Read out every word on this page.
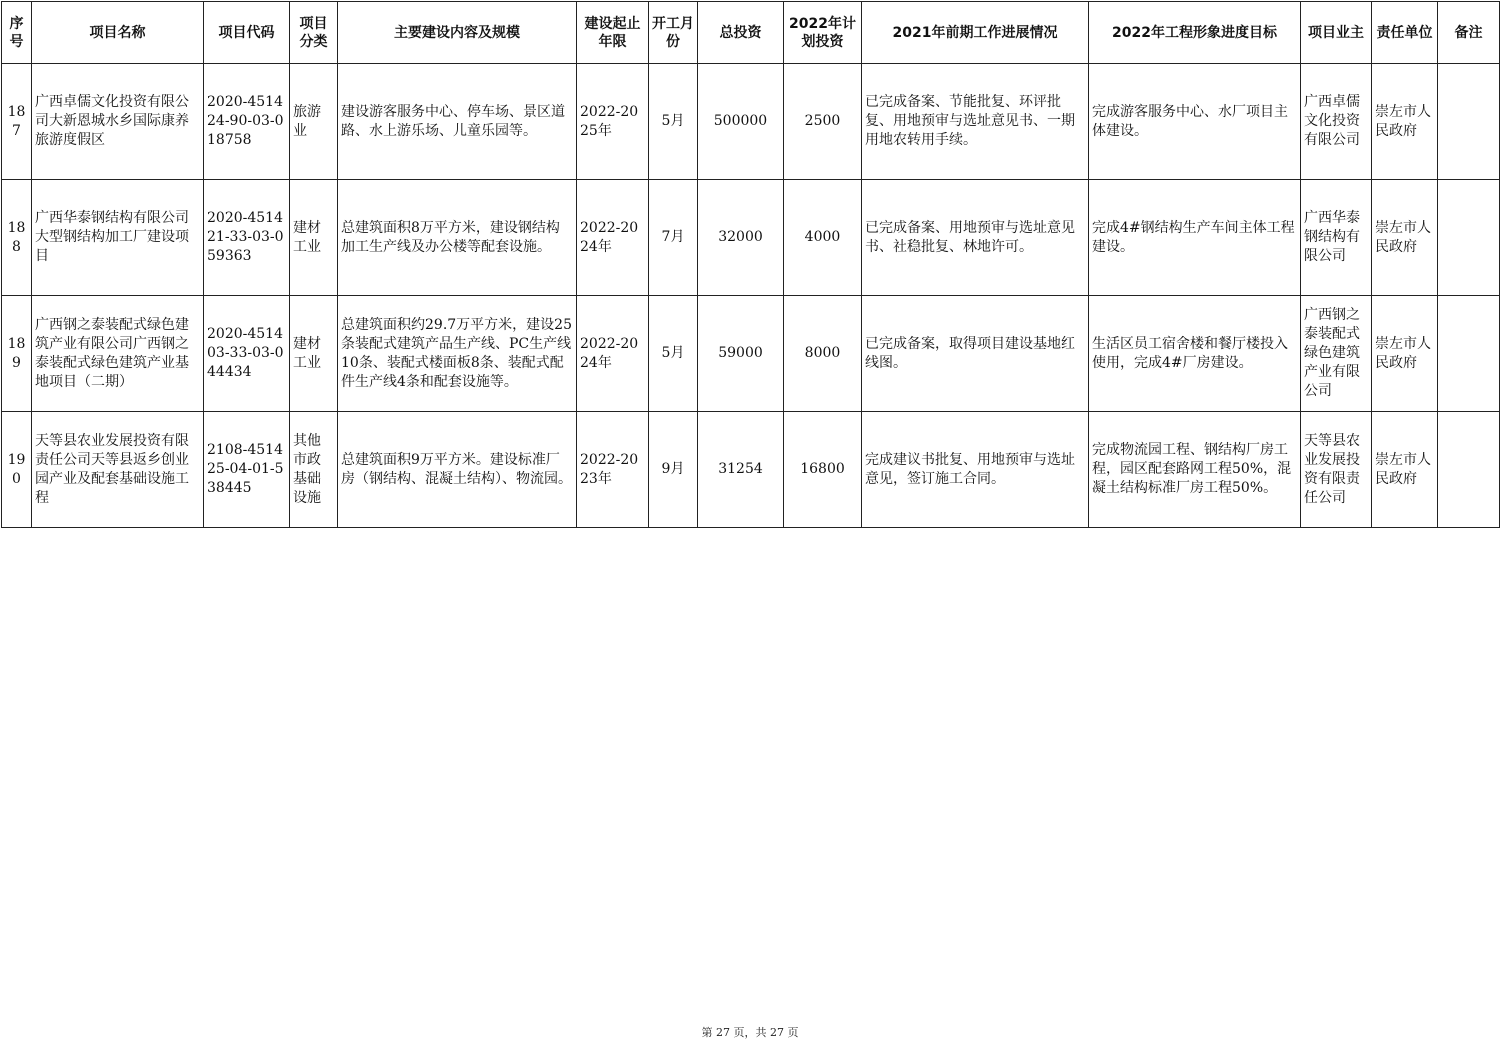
序号	项目名称	项目代码	项目分类	主要建设内容及规模	建设起止年限	开工月份	总投资	2022年计划投资	2021年前期工作进展情况	2022年工程形象进度目标	项目业主	责任单位	备注
187	广西卓儒文化投资有限公司大新恩城水乡国际康养旅游度假区	2020-451424-90-03-018758	旅游业	建设游客服务中心、停车场、景区道路、水上游乐场、儿童乐园等。	2022-2025年	5月	500000	2500	已完成备案、节能批复、环评批复、用地预审与选址意见书、一期用地农转用手续。	完成游客服务中心、水厂项目主体建设。	广西卓儒文化投资有限公司	崇左市人民政府	
188	广西华泰钢结构有限公司大型钢结构加工厂建设项目	2020-451421-33-03-059363	建材工业	总建筑面积8万平方米，建设钢结构加工生产线及办公楼等配套设施。	2022-2024年	7月	32000	4000	已完成备案、用地预审与选址意见书、社稳批复、林地许可。	完成4#钢结构生产车间主体工程建设。	广西华泰钢结构有限公司	崇左市人民政府	
189	广西钢之泰装配式绿色建筑产业有限公司广西钢之泰装配式绿色建筑产业基地项目（二期）	2020-451403-33-03-044434	建材工业	总建筑面积约29.7万平方米，建设25条装配式建筑产品生产线、PC生产线10条、装配式楼面板8条、装配式配件生产线4条和配套设施等。	2022-2024年	5月	59000	8000	已完成备案，取得项目建设基地红线图。	生活区员工宿舍楼和餐厅楼投入使用，完成4#厂房建设。	广西钢之泰装配式绿色建筑产业有限公司	崇左市人民政府	
190	天等县农业发展投资有限责任公司天等县返乡创业园产业及配套基础设施工程	2108-451425-04-01-538445	其他市政基础设施	总建筑面积9万平方米。建设标准厂房（钢结构、混凝土结构）、物流园。	2022-2023年	9月	31254	16800	完成建议书批复、用地预审与选址意见，签订施工合同。	完成物流园工程、钢结构厂房工程，园区配套路网工程50%，混凝土结构标准厂房工程50%。	天等县农业发展投资有限责任公司	崇左市人民政府	
第 27 页，共 27 页
